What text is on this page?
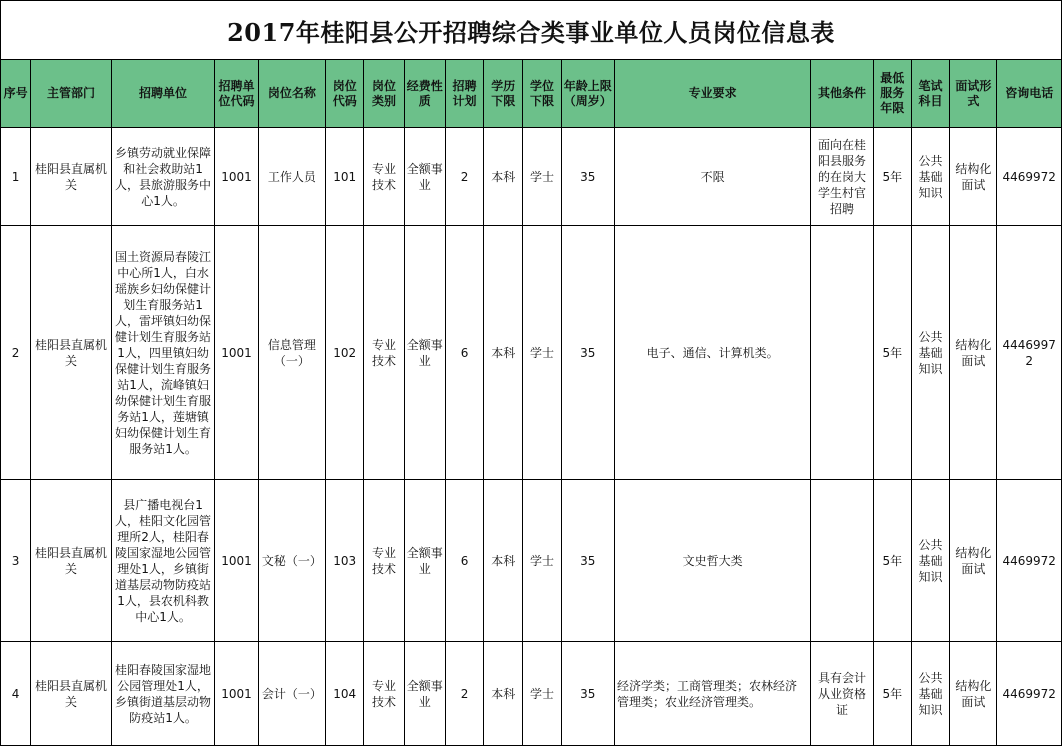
2017年桂阳县公开招聘综合类事业单位人员岗位信息表
序号	主管部门	招聘单位	招聘单位代码	岗位名称	岗位代码	岗位类别	经费性质	招聘计划	学历下限	学位下限	年龄上限（周岁）	专业要求	其他条件	最低服务年限	笔试科目	面试形式	咨询电话
1	桂阳县直属机关	乡镇劳动就业保障和社会救助站1人，县旅游服务中心1人。	1001	工作人员	101	专业技术	全额事业	2	本科	学士	35	不限	面向在桂阳县服务的在岗大学生村官招聘	5年	公共基础知识	结构化面试	4469972
2	桂阳县直属机关	国土资源局春陵江中心所1人，白水瑶族乡妇幼保健计划生育服务站1人，雷坪镇妇幼保健计划生育服务站1人，四里镇妇幼保健计划生育服务站1人，流峰镇妇幼保健计划生育服务站1人，莲塘镇妇幼保健计划生育服务站1人。	1001	信息管理（一）	102	专业技术	全额事业	6	本科	学士	35	电子、通信、计算机类。		5年	公共基础知识	结构化面试	44469972
3	桂阳县直属机关	县广播电视台1人，桂阳文化园管理所2人，桂阳春陵国家湿地公园管理处1人，乡镇街道基层动物防疫站1人，县农机科教中心1人。	1001	文秘（一）	103	专业技术	全额事业	6	本科	学士	35	文史哲大类		5年	公共基础知识	结构化面试	4469972
4	桂阳县直属机关	桂阳春陵国家湿地公园管理处1人，乡镇街道基层动物防疫站1人。	1001	会计（一）	104	专业技术	全额事业	2	本科	学士	35	经济学类；工商管理类；农林经济管理类；农业经济管理类。	具有会计从业资格证	5年	公共基础知识	结构化面试	4469972
